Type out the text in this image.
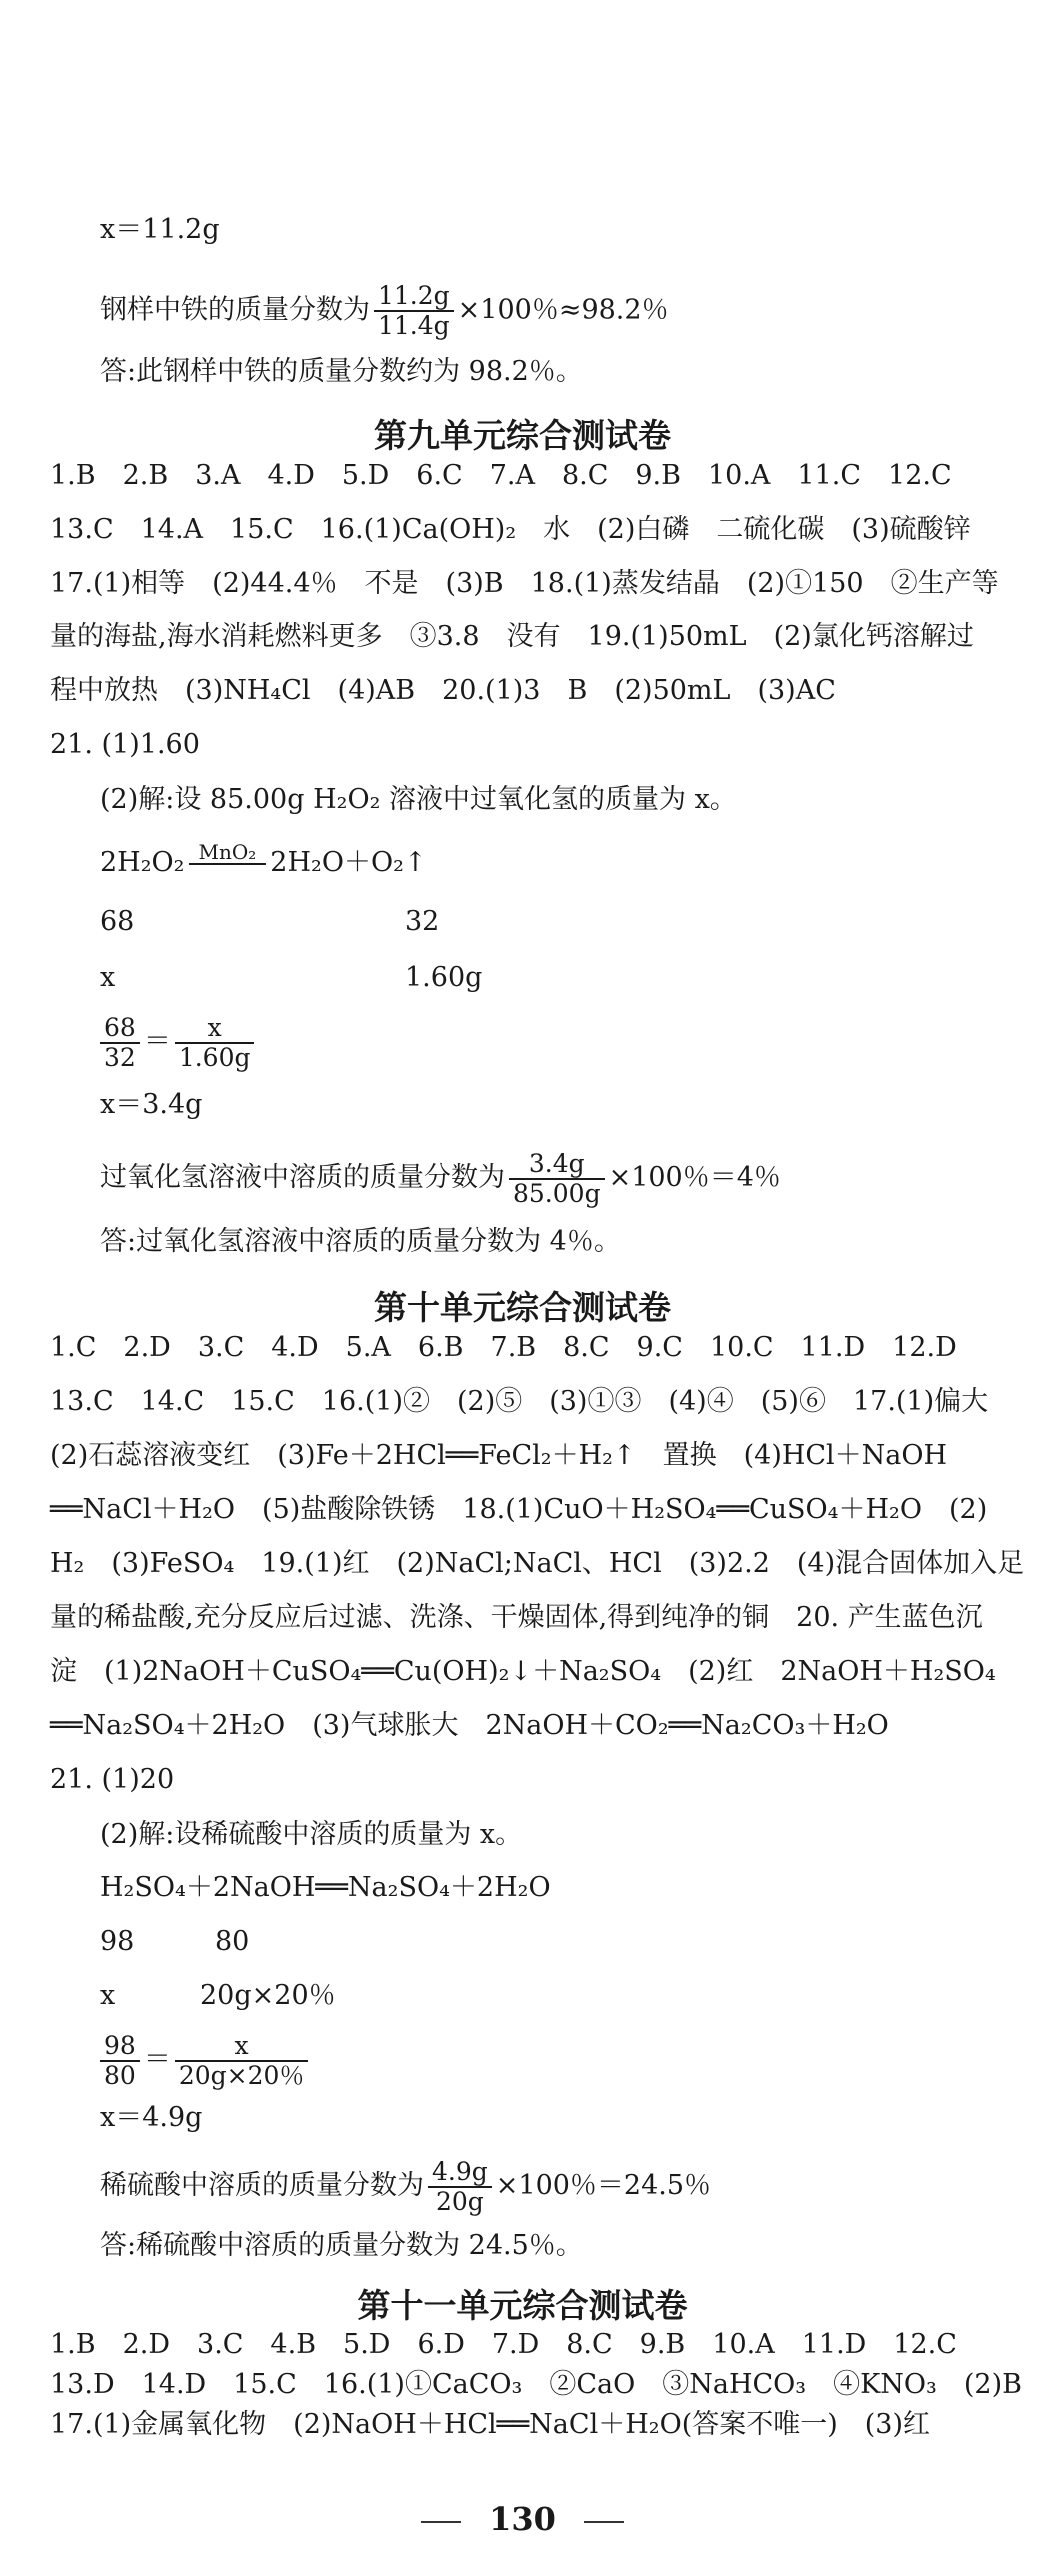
x＝11.2g
钢样中铁的质量分数为 $\frac{11.2g}{11.4g} \times 100$％≈98.2％
答:此钢样中铁的质量分数约为 98.2％。
第九单元综合测试卷
1.B　2.B　3.A　4.D　5.D　6.C　7.A　8.C　9.B　10.A　11.C　12.C
13.C　14.A　15.C　16.(1)Ca(OH)₂　水　(2)白磷　二硫化碳　(3)硫酸锌
17.(1)相等　(2)44.4％　不是　(3)B　18.(1)蒸发结晶　(2)①150　②生产等
量的海盐,海水消耗燃料更多　③3.8　没有　19.(1)50mL　(2)氯化钙溶解过
程中放热　(3)NH₄Cl　(4)AB　20.(1)3　B　(2)50mL　(3)AC
21. (1)1.60
(2)解:设 85.00g H₂O₂ 溶液中过氧化氢的质量为 x。
2H₂O₂ MnO₂
2H₂O＋O₂↑
68	32
x	1.60g
$\frac{68}{32} = \frac{x}{1.60g}$
x＝3.4g
过氧化氢溶液中溶质的质量分数为 $\frac{3.4g}{85.00g} \times 100$％＝4％
答:过氧化氢溶液中溶质的质量分数为 4％。
第十单元综合测试卷
1.C　2.D　3.C　4.D　5.A　6.B　7.B　8.C　9.C　10.C　11.D　12.D
13.C　14.C　15.C　16.(1)②　(2)⑤　(3)①③　(4)④　(5)⑥　17.(1)偏大
(2)石蕊溶液变红　(3)Fe＋2HCl══FeCl₂＋H₂↑　置换　(4)HCl＋NaOH
══NaCl＋H₂O　(5)盐酸除铁锈　18.(1)CuO＋H₂SO₄══CuSO₄＋H₂O　(2)
H₂　(3)FeSO₄　19.(1)红　(2)NaCl;NaCl、HCl　(3)2.2　(4)混合固体加入足
量的稀盐酸,充分反应后过滤、洗涤、干燥固体,得到纯净的铜　20. 产生蓝色沉
淀　(1)2NaOH＋CuSO₄══Cu(OH)₂↓＋Na₂SO₄　(2)红　2NaOH＋H₂SO₄
══Na₂SO₄＋2H₂O　(3)气球胀大　2NaOH＋CO₂══Na₂CO₃＋H₂O
21. (1)20
(2)解:设稀硫酸中溶质的质量为 x。
H₂SO₄＋2NaOH══Na₂SO₄＋2H₂O
98	80
x	20g×20％
$\frac{98}{80} = \frac{x}{20g\times 20\%}$
x＝4.9g
稀硫酸中溶质的质量分数为 $\frac{4.9g}{20g} \times 100$％＝24.5％
答:稀硫酸中溶质的质量分数为 24.5％。
第十一单元综合测试卷
1.B　2.D　3.C　4.B　5.D　6.D　7.D　8.C　9.B　10.A　11.D　12.C
13.D　14.D　15.C　16.(1)①CaCO₃　②CaO　③NaHCO₃　④KNO₃　(2)B
17.(1)金属氧化物　(2)NaOH＋HCl══NaCl＋H₂O(答案不唯一)　(3)红
130
